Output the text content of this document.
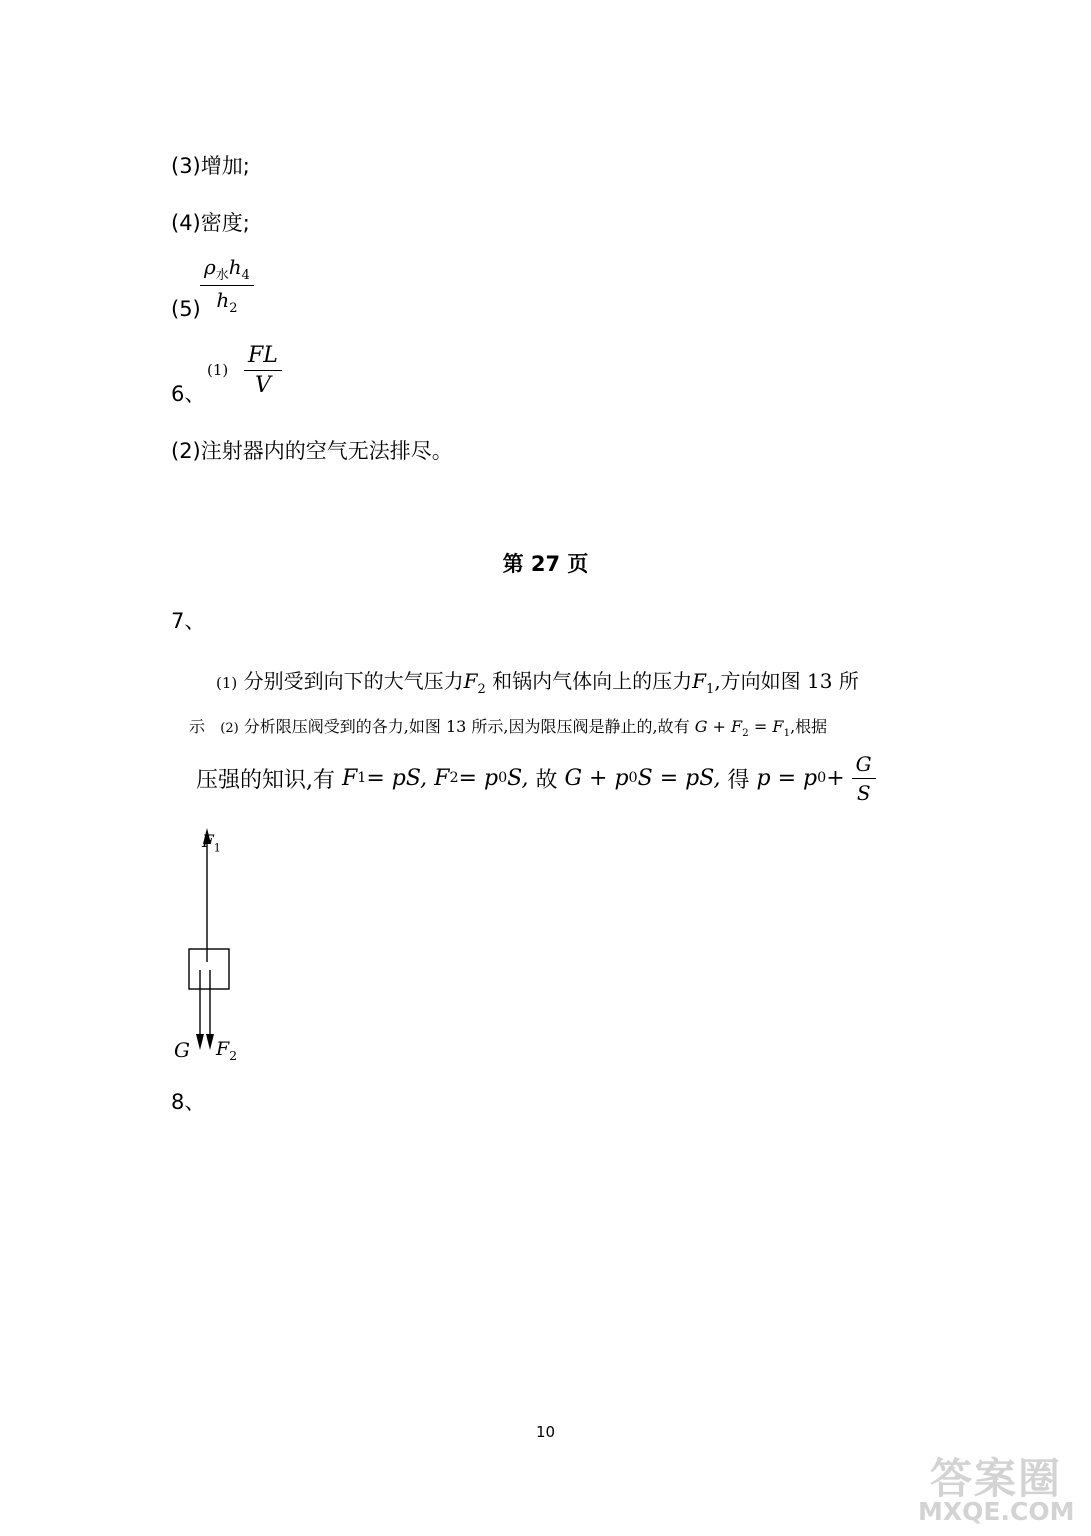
(3)增加;
(4)密度;
$(5) \frac{\rho_水h_4}{h_2}$
6、
$(1) \frac{FL}{V}$
(2)注射器内的空气无法排尽。
第 27 页
7、
(1) 分别受到向下的大气压力$F_2$ 和锅内气体向上的压力$F_1$,方向如图 13 所
示 (2) 分析限压阀受到的各力,如图 13 所示,因为限压阀是静止的,故有 $G + F_2 = F_1$,根据
压强的知识,有
F 1 = pS,
F 2 = p 0 S,
故
G + p 0 S = pS,
得
p = p 0 +
$\frac{G}{S}$
$F_1$
G $F_2$
8、
10
答案圈
MXQE.COM
